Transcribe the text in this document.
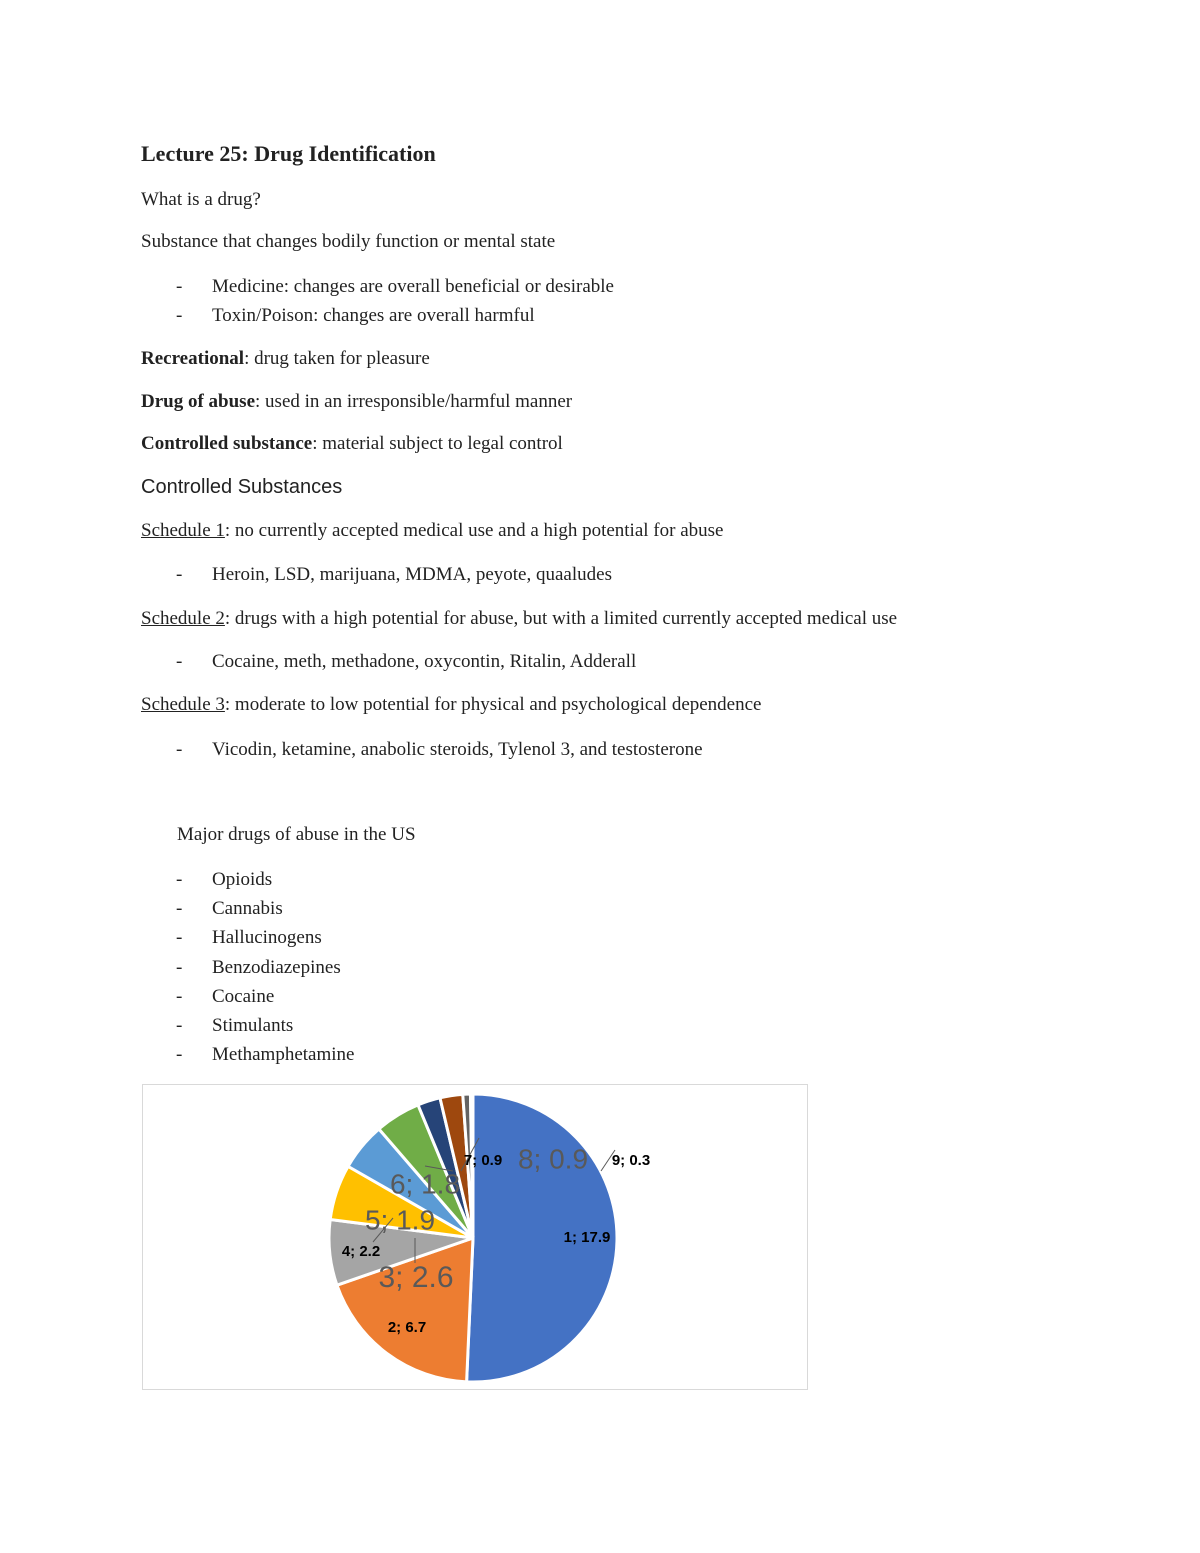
Lecture 25: Drug Identification
What is a drug?
Substance that changes bodily function or mental state
- Medicine: changes are overall beneficial or desirable
- Toxin/Poison: changes are overall harmful
Recreational: drug taken for pleasure
Drug of abuse: used in an irresponsible/harmful manner
Controlled substance: material subject to legal control
Controlled Substances
Schedule 1: no currently accepted medical use and a high potential for abuse
- Heroin, LSD, marijuana, MDMA, peyote, quaaludes
Schedule 2: drugs with a high potential for abuse, but with a limited currently accepted medical use
- Cocaine, meth, methadone, oxycontin, Ritalin, Adderall
Schedule 3: moderate to low potential for physical and psychological dependence
- Vicodin, ketamine, anabolic steroids, Tylenol 3, and testosterone
Major drugs of abuse in the US
- Opioids
- Cannabis
- Hallucinogens
- Benzodiazepines
- Cocaine
- Stimulants
- Methamphetamine
1; 17.9
2; 6.7
3; 2.6
4; 2.2
5; 1.9
6; 1.8
7; 0.9 8; 0.9 9; 0.3
